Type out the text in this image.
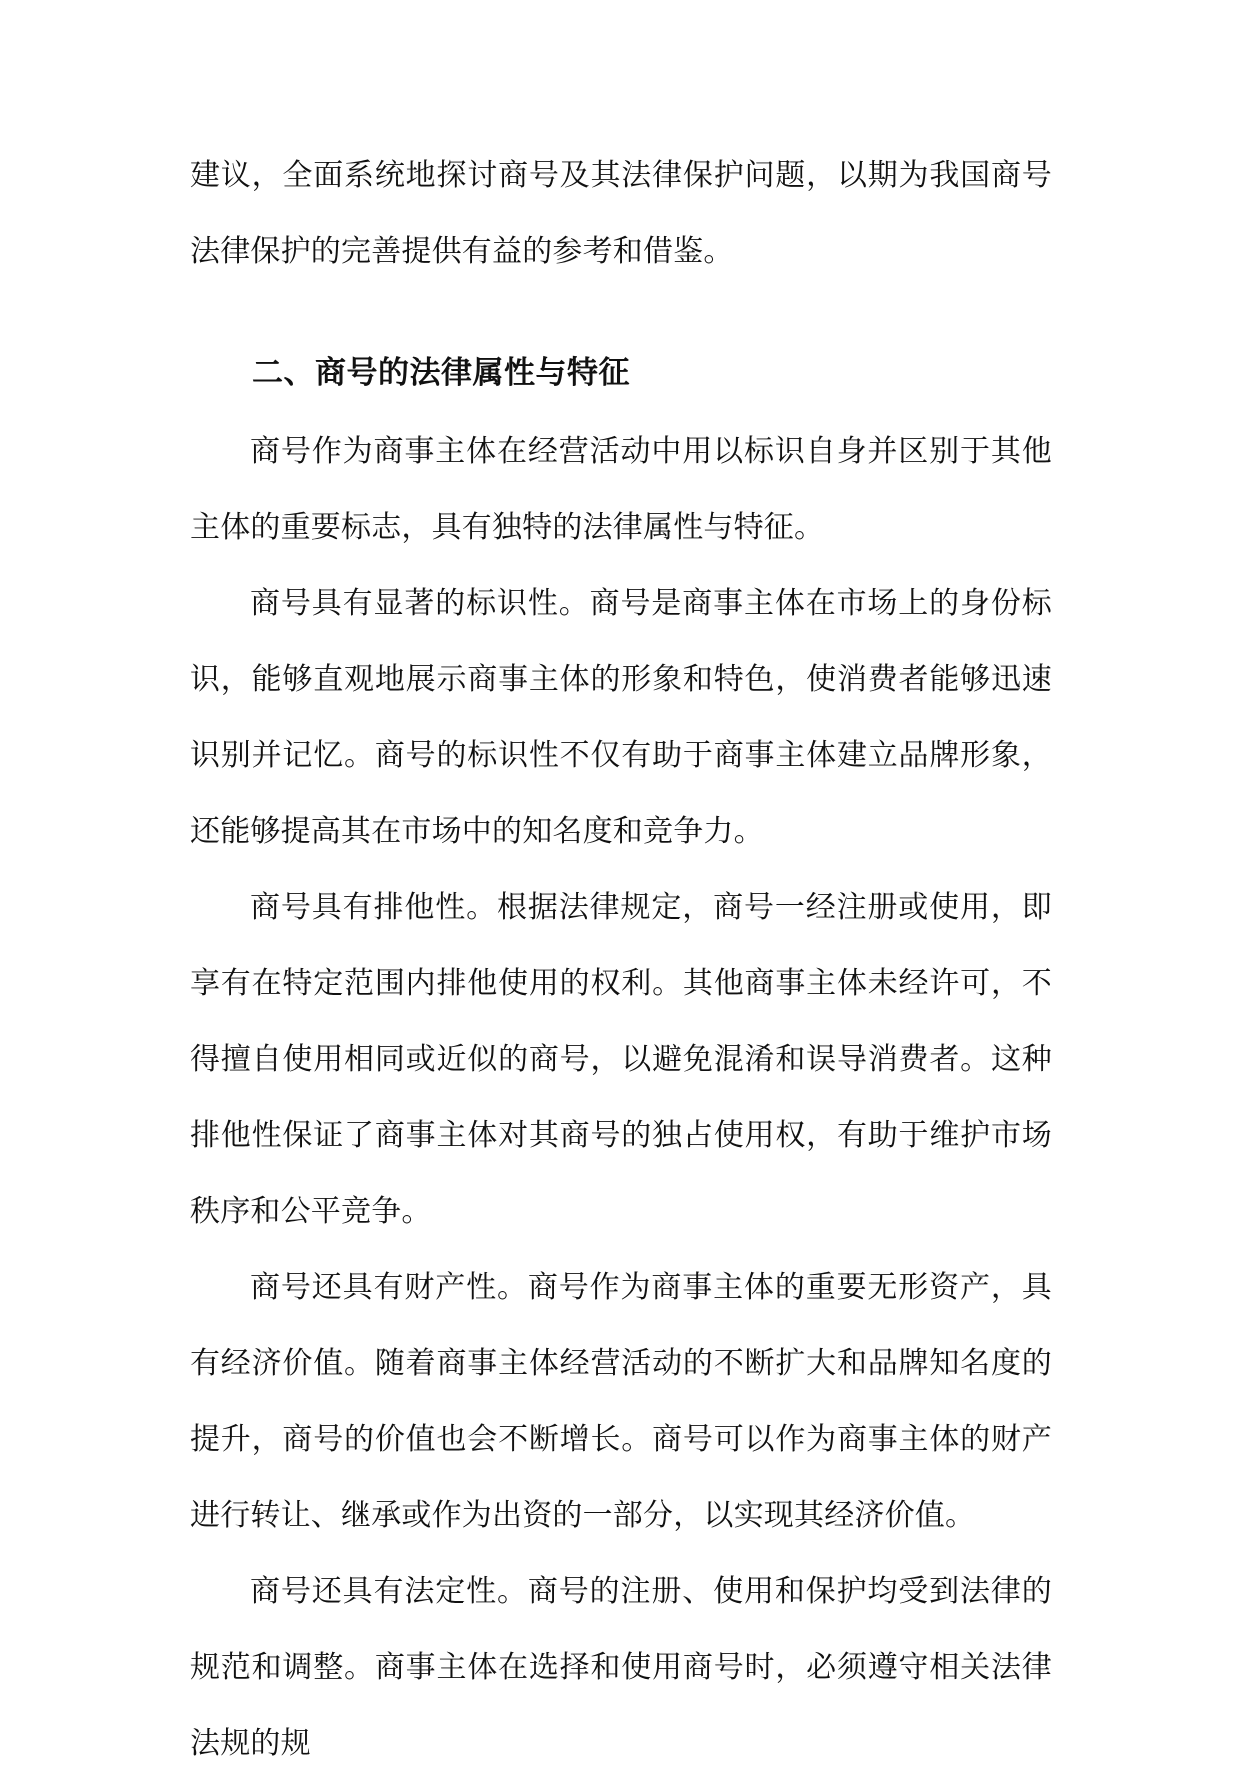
建议，全面系统地探讨商号及其法律保护问题，以期为我国商号法律保护的完善提供有益的参考和借鉴。

二、商号的法律属性与特征

商号作为商事主体在经营活动中用以标识自身并区别于其他主体的重要标志，具有独特的法律属性与特征。

商号具有显著的标识性。商号是商事主体在市场上的身份标识，能够直观地展示商事主体的形象和特色，使消费者能够迅速识别并记忆。商号的标识性不仅有助于商事主体建立品牌形象，还能够提高其在市场中的知名度和竞争力。

商号具有排他性。根据法律规定，商号一经注册或使用，即享有在特定范围内排他使用的权利。其他商事主体未经许可，不得擅自使用相同或近似的商号，以避免混淆和误导消费者。这种排他性保证了商事主体对其商号的独占使用权，有助于维护市场秩序和公平竞争。

商号还具有财产性。商号作为商事主体的重要无形资产，具有经济价值。随着商事主体经营活动的不断扩大和品牌知名度的提升，商号的价值也会不断增长。商号可以作为商事主体的财产进行转让、继承或作为出资的一部分，以实现其经济价值。

商号还具有法定性。商号的注册、使用和保护均受到法律的规范和调整。商事主体在选择和使用商号时，必须遵守相关法律法规的规
